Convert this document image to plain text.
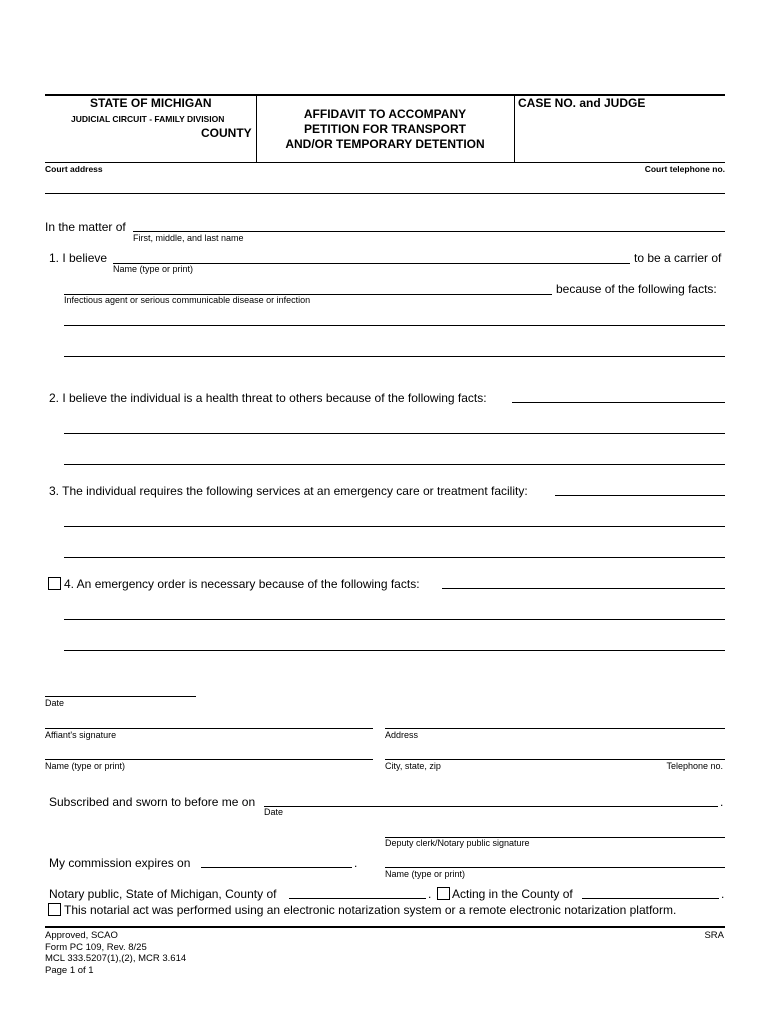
STATE OF MICHIGAN
JUDICIAL CIRCUIT - FAMILY DIVISION
COUNTY
AFFIDAVIT TO ACCOMPANY
PETITION FOR TRANSPORT
AND/OR TEMPORARY DETENTION
CASE NO. and JUDGE
Court address	Court telephone no.
In the matter of
First, middle, and last name
1. I believe
Name (type or print)
to be a carrier of
Infectious agent or serious communicable disease or infection
because of the following facts:
2. I believe the individual is a health threat to others because of the following facts:
3. The individual requires the following services at an emergency care or treatment facility:
4. An emergency order is necessary because of the following facts:
Date
Affiant's signature	Address
Name (type or print)	City, state, zip	Telephone no.
Subscribed and sworn to before me on
Date
.
Deputy clerk/Notary public signature
My commission expires on	.
Name (type or print)
Notary public, State of Michigan, County of	. Acting in the County of	.
This notarial act was performed using an electronic notarization system or a remote electronic notarization platform.
Approved, SCAO
Form PC 109, Rev. 8/25
MCL 333.5207(1),(2), MCR 3.614
Page 1 of 1
SRA
